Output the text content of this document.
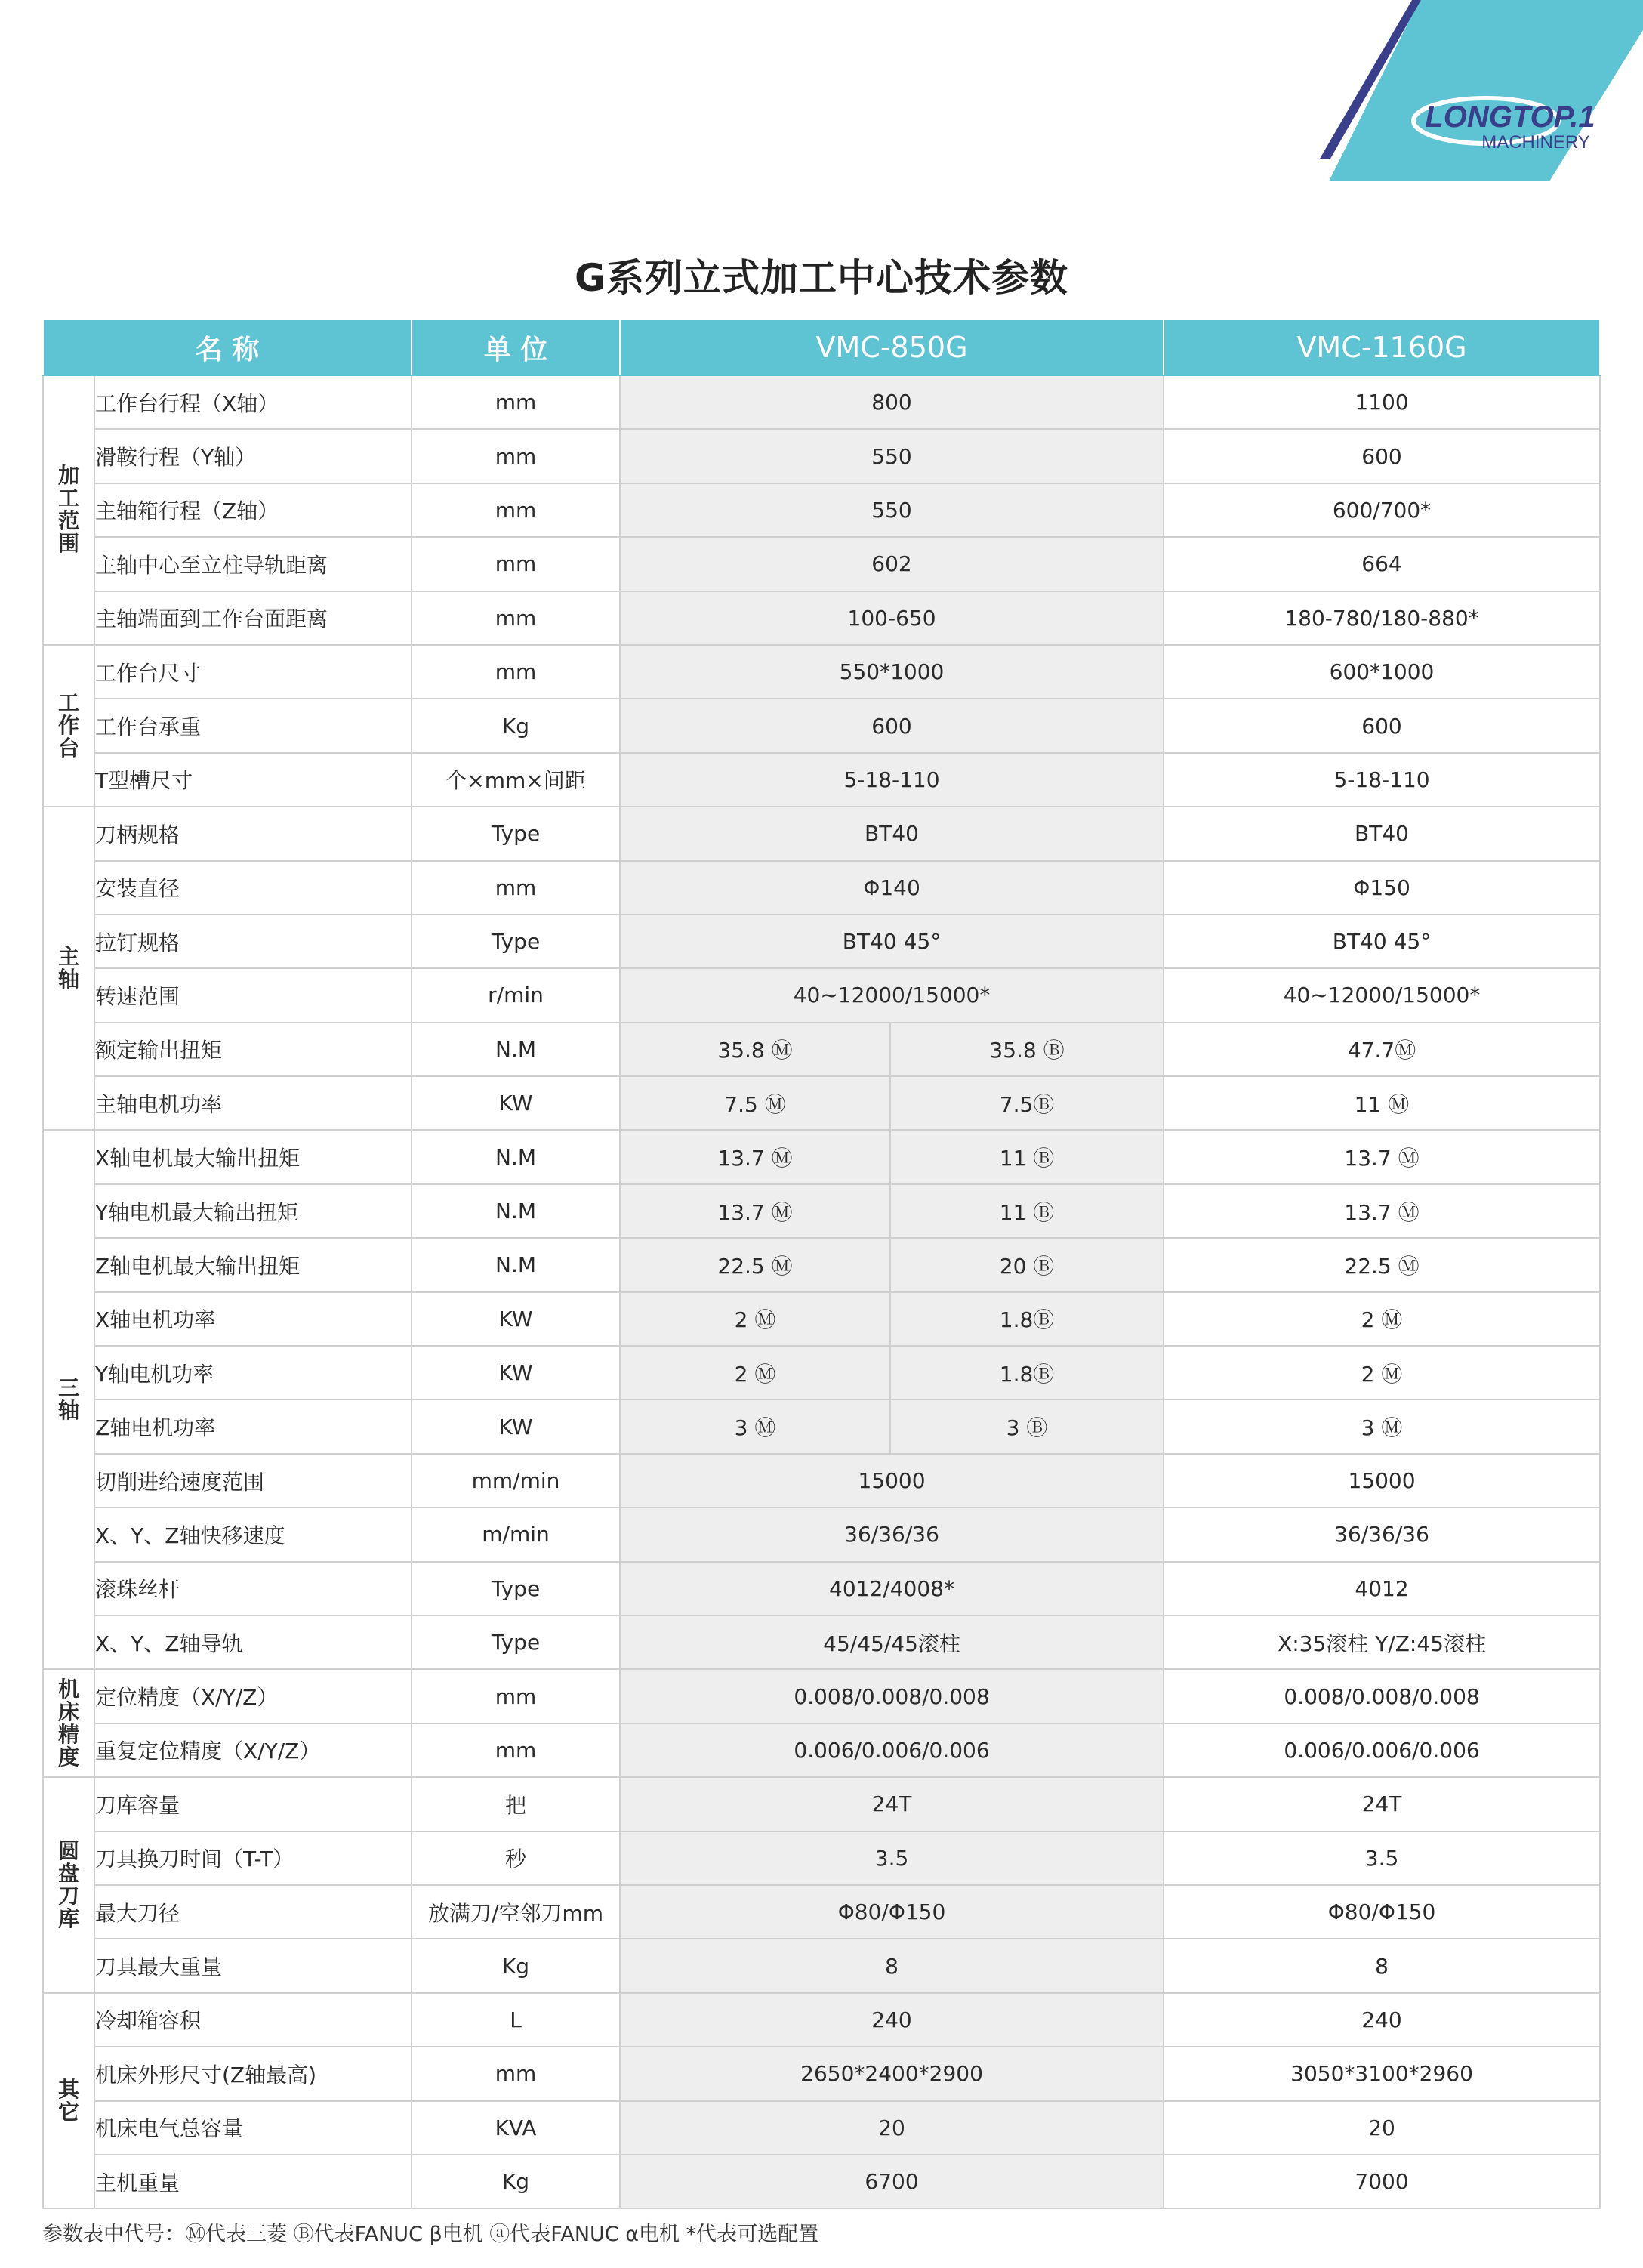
LONGTOP.1
MACHINERY
G系列立式加工中心技术参数
名 称		单 位	VMC-850G		VMC-1160G
加工范围	工作台行程（X轴）	mm	800		1100
	滑鞍行程（Y轴）	mm	550		600
	主轴箱行程（Z轴）	mm	550		600/700*
	主轴中心至立柱导轨距离	mm	602		664
	主轴端面到工作台面距离	mm	100-650		180-780/180-880*
工作台	工作台尺寸	mm	550*1000		600*1000
	工作台承重	Kg	600		600
	T型槽尺寸	个×mm×间距	5-18-110		5-18-110
主轴	刀柄规格	Type	BT40		BT40
	安装直径	mm	Φ140		Φ150
	拉钉规格	Type	BT40 45°		BT40 45°
	转速范围	r/min	40~12000/15000*		40~12000/15000*
	额定输出扭矩	N.M	35.8 Ⓜ	35.8 Ⓑ	47.7Ⓜ
	主轴电机功率	KW	7.5 Ⓜ	7.5Ⓑ	11 Ⓜ
三轴	X轴电机最大输出扭矩	N.M	13.7 Ⓜ	11 Ⓑ	13.7 Ⓜ
	Y轴电机最大输出扭矩	N.M	13.7 Ⓜ	11 Ⓑ	13.7 Ⓜ
	Z轴电机最大输出扭矩	N.M	22.5 Ⓜ	20 Ⓑ	22.5 Ⓜ
	X轴电机功率	KW	2 Ⓜ	1.8Ⓑ	2 Ⓜ
	Y轴电机功率	KW	2 Ⓜ	1.8Ⓑ	2 Ⓜ
	Z轴电机功率	KW	3 Ⓜ	3 Ⓑ	3 Ⓜ
	切削进给速度范围	mm/min	15000		15000
	X、Y、Z轴快移速度	m/min	36/36/36		36/36/36
	滚珠丝杆	Type	4012/4008*		4012
	X、Y、Z轴导轨	Type	45/45/45滚柱		X:35滚柱 Y/Z:45滚柱
机床精度	定位精度（X/Y/Z）	mm	0.008/0.008/0.008		0.008/0.008/0.008
	重复定位精度（X/Y/Z）	mm	0.006/0.006/0.006		0.006/0.006/0.006
圆盘刀库	刀库容量	把	24T		24T
	刀具换刀时间（T-T）	秒	3.5		3.5
	最大刀径	放满刀/空邻刀mm	Φ80/Φ150		Φ80/Φ150
	刀具最大重量	Kg	8		8
其它	冷却箱容积	L	240		240
	机床外形尺寸(Z轴最高)	mm	2650*2400*2900		3050*3100*2960
	机床电气总容量	KVA	20		20
	主机重量	Kg	6700		7000
参数表中代号：Ⓜ代表三菱 Ⓑ代表FANUC β电机 ⓐ代表FANUC α电机 *代表可选配置
